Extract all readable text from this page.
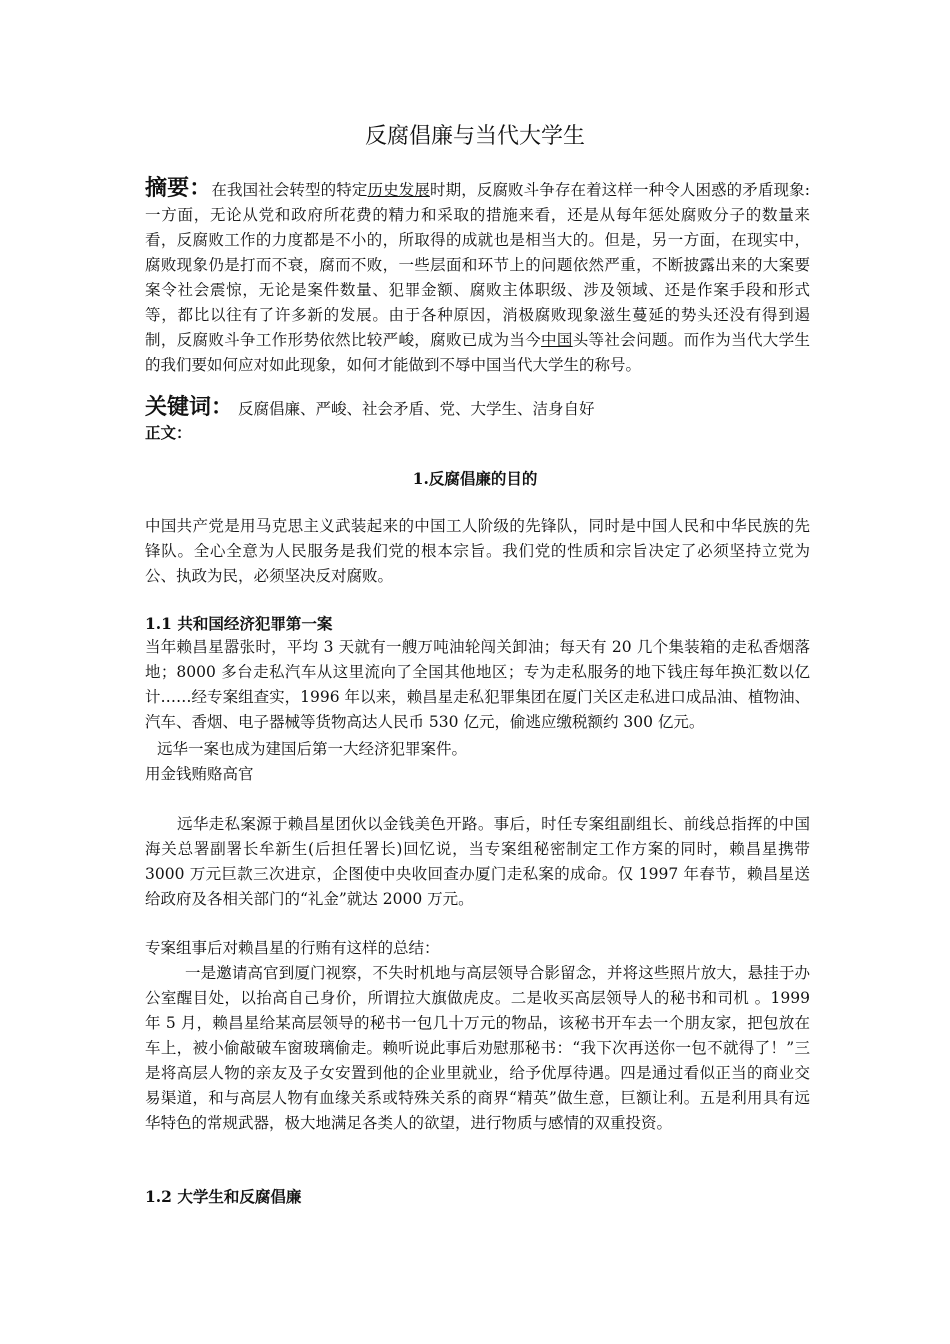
反腐倡廉与当代大学生

摘要：在我国社会转型的特定历史发展时期，反腐败斗争存在着这样一种令人困惑的矛盾现象:一方面，无论从党和政府所花费的精力和采取的措施来看，还是从每年惩处腐败分子的数量来看，反腐败工作的力度都是不小的，所取得的成就也是相当大的。但是，另一方面，在现实中，腐败现象仍是打而不衰，腐而不败，一些层面和环节上的问题依然严重，不断披露出来的大案要案令社会震惊，无论是案件数量、犯罪金额、腐败主体职级、涉及领域、还是作案手段和形式等，都比以往有了许多新的发展。由于各种原因，消极腐败现象滋生蔓延的势头还没有得到遏制，反腐败斗争工作形势依然比较严峻，腐败已成为当今中国头等社会问题。而作为当代大学生的我们要如何应对如此现象，如何才能做到不辱中国当代大学生的称号。

关键词： 反腐倡廉、严峻、社会矛盾、党、大学生、洁身自好
正文：
1.反腐倡廉的目的

中国共产党是用马克思主义武装起来的中国工人阶级的先锋队，同时是中国人民和中华民族的先锋队。全心全意为人民服务是我们党的根本宗旨。我们党的性质和宗旨决定了必须坚持立党为公、执政为民，必须坚决反对腐败。

1.1 共和国经济犯罪第一案

当年赖昌星嚣张时，平均 3 天就有一艘万吨油轮闯关卸油；每天有 20 几个集装箱的走私香烟落地；8000 多台走私汽车从这里流向了全国其他地区；专为走私服务的地下钱庄每年换汇数以亿计……经专案组查实，1996 年以来，赖昌星走私犯罪集团在厦门关区走私进口成品油、植物油、汽车、香烟、电子器械等货物高达人民币 530 亿元，偷逃应缴税额约 300 亿元。

远华一案也成为建国后第一大经济犯罪案件。
用金钱贿赂高官

远华走私案源于赖昌星团伙以金钱美色开路。事后，时任专案组副组长、前线总指挥的中国海关总署副署长牟新生(后担任署长)回忆说，当专案组秘密制定工作方案的同时，赖昌星携带 3000 万元巨款三次进京，企图使中央收回查办厦门走私案的成命。仅 1997 年春节，赖昌星送给政府及各相关部门的“礼金”就达 2000 万元。

专案组事后对赖昌星的行贿有这样的总结：

一是邀请高官到厦门视察，不失时机地与高层领导合影留念，并将这些照片放大，悬挂于办公室醒目处，以抬高自己身价，所谓拉大旗做虎皮。二是收买高层领导人的秘书和司机 。1999 年 5 月，赖昌星给某高层领导的秘书一包几十万元的物品，该秘书开车去一个朋友家，把包放在车上，被小偷敲破车窗玻璃偷走。赖听说此事后劝慰那秘书：“我下次再送你一包不就得了！”三是将高层人物的亲友及子女安置到他的企业里就业，给予优厚待遇。四是通过看似正当的商业交易渠道，和与高层人物有血缘关系或特殊关系的商界“精英”做生意，巨额让利。五是利用具有远华特色的常规武器，极大地满足各类人的欲望，进行物质与感情的双重投资。

1.2 大学生和反腐倡廉
